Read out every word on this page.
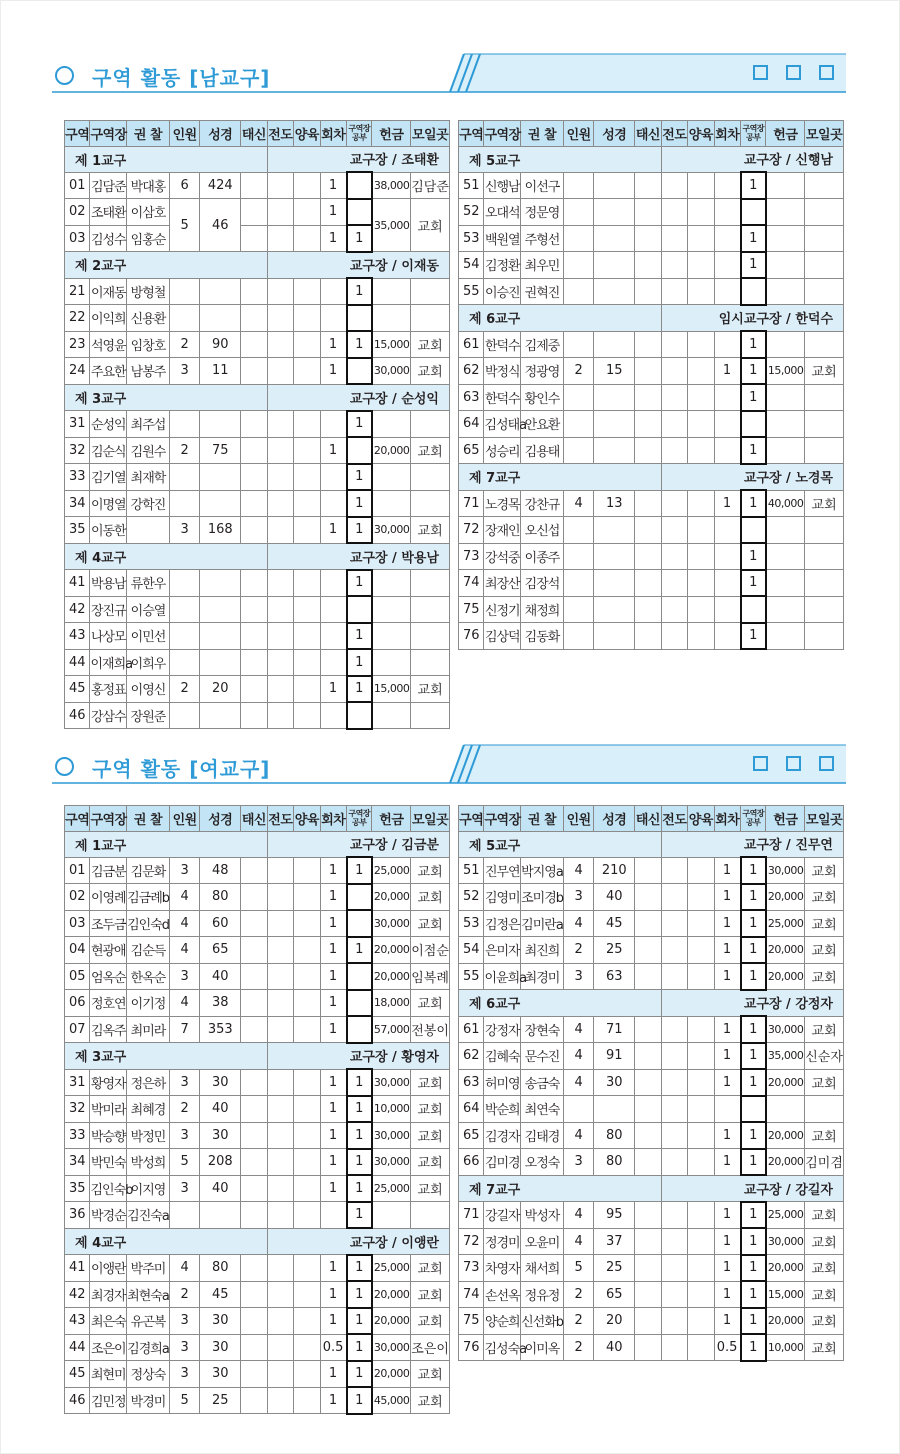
구역 활동 [남교구]
구역	구역장	권 찰	인원	성경	태신	전도	양육	회차	구역장공부	헌금	모일곳
제 1교구						교구장 / 조태환					
01	김담준	박대홍	6	424				1		38,000	김담준
02	조태환	이삼호	5	46				1		35,000	교회
03	김성수	임홍순						1	1		
제 2교구						교구장 / 이재동					
21	이재동	방형철							1		
22	이익희	신용환									
23	석영윤	임창호	2	90				1	1	15,000	교회
24	주요한	남봉주	3	11				1		30,000	교회
제 3교구						교구장 / 순성익					
31	순성익	최주섭							1		
32	김순식	김원수	2	75				1		20,000	교회
33	김기열	최재학							1		
34	이명열	강학진							1		
35	이동한		3	168				1	1	30,000	교회
제 4교구						교구장 / 박용남					
41	박용남	류한우							1		
42	장진규	이승열									
43	나상모	이민선							1		
44	이재희a	이희우							1		
45	홍정표	이영신	2	20				1	1	15,000	교회
46	강삼수	장원준									
구역	구역장	권 찰	인원	성경	태신	전도	양육	회차	구역장공부	헌금	모일곳
제 5교구						교구장 / 신행남					
51	신행남	이선구							1		
52	오대석	정문영									
53	백원열	주형선							1		
54	김정환	최우민							1		
55	이승진	권혁진									
제 6교구						임시교구장 / 한덕수					
61	한덕수	김제중							1		
62	박정식	정광영	2	15				1	1	15,000	교회
63	한덕수	황인수							1		
64	김성태a	안요환									
65	성승리	김용태							1		
제 7교구						교구장 / 노경목					
71	노경목	강찬규	4	13				1	1	40,000	교회
72	장재인	오신섭									
73	강석중	이종주							1		
74	최장산	김장석							1		
75	신정기	채정희									
76	김상덕	김동화							1		
구역 활동 [여교구]
구역	구역장	권 찰	인원	성경	태신	전도	양육	회차	구역장공부	헌금	모일곳
제 1교구						교구장 / 김금분					
01	김금분	김문화	3	48				1	1	25,000	교회
02	이영례	김금례b	4	80				1		20,000	교회
03	조두금	김인숙d	4	60				1		30,000	교회
04	현광애	김순득	4	65				1	1	20,000	이점순
05	엄옥순	한옥순	3	40				1		20,000	임복례
06	정호연	이기정	4	38				1		18,000	교회
07	김옥주	최미라	7	353				1		57,000	전봉이
제 3교구						교구장 / 황영자					
31	황영자	정은하	3	30				1	1	30,000	교회
32	박미라	최혜경	2	40				1	1	10,000	교회
33	박승향	박정민	3	30				1	1	30,000	교회
34	박민숙	박성희	5	208				1	1	30,000	교회
35	김인숙b	이지영	3	40				1	1	25,000	교회
36	박경순	김진숙a							1		
제 4교구						교구장 / 이앵란					
41	이앵란	박주미	4	80				1	1	25,000	교회
42	최경자	최현숙a	2	45				1	1	20,000	교회
43	최은숙	유곤복	3	30				1	1	20,000	교회
44	조은이	김경희a	3	30				0.5	1	30,000	조은이
45	최현미	정상숙	3	30				1	1	20,000	교회
46	김민정	박경미	5	25				1	1	45,000	교회
구역	구역장	권 찰	인원	성경	태신	전도	양육	회차	구역장공부	헌금	모일곳
제 5교구						교구장 / 진무연					
51	진무연	박지영a	4	210				1	1	30,000	교회
52	김영미	조미경b	3	40				1	1	20,000	교회
53	김정은	김미란a	4	45				1	1	25,000	교회
54	은미자	최진희	2	25				1	1	20,000	교회
55	이윤희a	최경미	3	63				1	1	20,000	교회
제 6교구						교구장 / 강정자					
61	강정자	장현숙	4	71				1	1	30,000	교회
62	김혜숙	문수진	4	91				1	1	35,000	신순자
63	허미영	송금숙	4	30				1	1	20,000	교회
64	박순희	최연숙									
65	김경자	김태경	4	80				1	1	20,000	교회
66	김미경	오정숙	3	80				1	1	20,000	김미겸
제 7교구						교구장 / 강길자					
71	강길자	박성자	4	95				1	1	25,000	교회
72	정경미	오윤미	4	37				1	1	30,000	교회
73	차영자	채서희	5	25				1	1	20,000	교회
74	손선옥	정유정	2	65				1	1	15,000	교회
75	양순희	신선화b	2	20				1	1	20,000	교회
76	김성숙a	이미옥	2	40				0.5	1	10,000	교회
